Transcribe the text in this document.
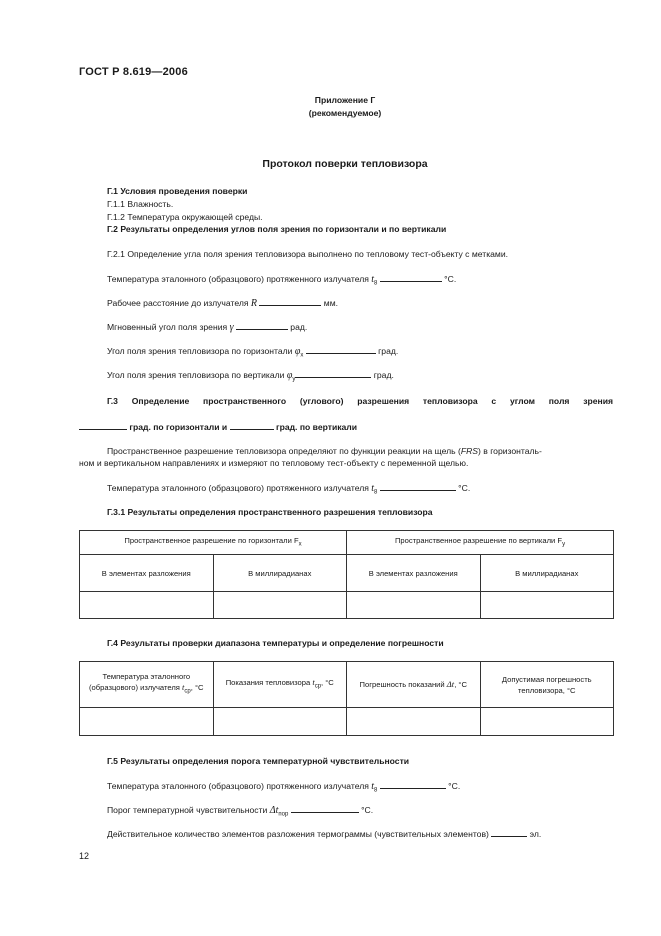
ГОСТ Р 8.619—2006
Приложение Г
(рекомендуемое)
Протокол поверки тепловизора
Г.1 Условия проведения поверки
Г.1.1 Влажность.
Г.1.2 Температура окружающей среды.
Г.2 Результаты определения углов поля зрения по горизонтали и по вертикали
Г.2.1 Определение угла поля зрения тепловизора выполнено по тепловому тест-объекту с метками.
Температура эталонного (образцового) протяженного излучателя $t_8$	°C.
Рабочее расстояние до излучателя R	мм.
Мгновенный угол поля зрения γ	рад.
Угол поля зрения тепловизора по горизонтали $\varphi_x$	град.
Угол поля зрения тепловизора по вертикали $\varphi_y$	град.
Г.3 Определение пространственного (углового) разрешения тепловизора с углом поля зрения
град. по горизонтали и	град. по вертикали
Пространственное разрешение тепловизора определяют по функции реакции на щель (FRS) в горизонталь-
ном и вертикальном направлениях и измеряют по тепловому тест-объекту с переменной щелью.
Температура эталонного (образцового) протяженного излучателя $t_8$	°C.
Г.3.1 Результаты определения пространственного разрешения тепловизора
Пространственное разрешение по горизонтали $F_x$		Пространственное разрешение по вертикали $F_y$
В элементах разложения	В миллирадианах	В элементах разложения	В миллирадианах

Г.4 Результаты проверки диапазона температуры и определение погрешности
Температура эталонного (образцового) излучателя $t_{cp}$, °C	Показания тепловизора $t_{cp}$, °C	Погрешность показаний Δt, °C	Допустимая погрешность тепловизора, °C

Г.5 Результаты определения порога температурной чувствительности
Температура эталонного (образцового) протяженного излучателя $t_8$	°C.
Порог температурной чувствительности $\Delta t_{пор}$	°C.
Действительное количество элементов разложения термограммы (чувствительных элементов)	эл.
12
